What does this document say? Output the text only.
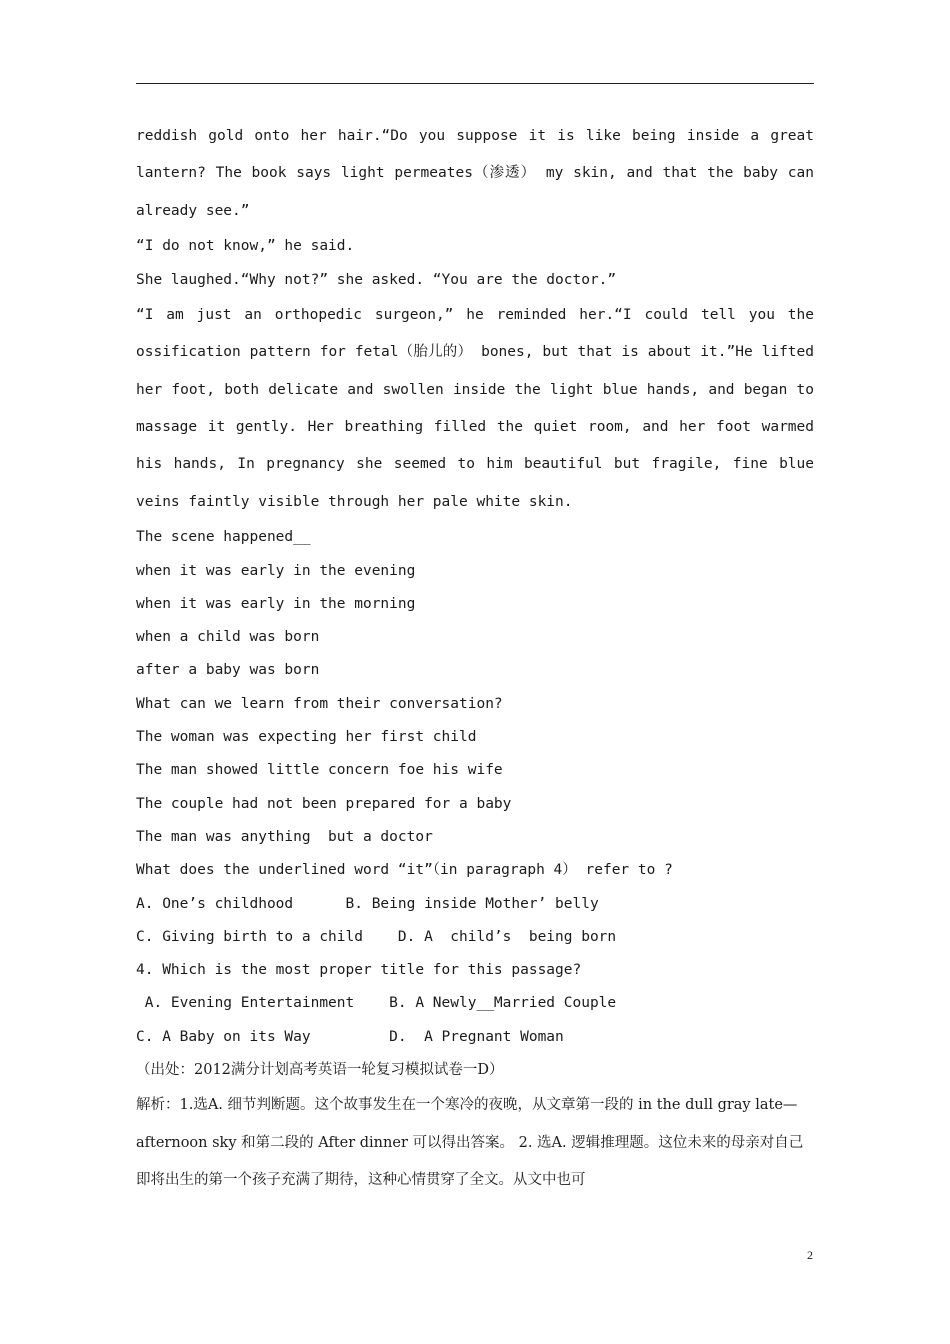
reddish gold onto her hair.“Do you suppose it is like being inside a great lantern? The book says light permeates（渗透） my skin, and that the baby can already see.”

“I do not know,” he said.

She laughed.“Why not?” she asked. “You are the doctor.”

“I am just an orthopedic surgeon,” he reminded her.“I could tell you the ossification pattern for fetal（胎儿的） bones, but that is about it.”He lifted her foot, both delicate and swollen inside the light blue hands, and began to massage it gently. Her breathing filled the quiet room, and her foot warmed his hands, In pregnancy she seemed to him beautiful but fragile, fine blue veins faintly visible through her pale white skin.

The scene happened__

when it was early in the evening

when it was early in the morning

when a child was born

after a baby was born

What can we learn from their conversation?

The woman was expecting her first child

The man showed little concern foe his wife

The couple had not been prepared for a baby

The man was anything  but a doctor

What does the underlined word “it”（in paragraph 4） refer to ?

A. One’s childhood      B. Being inside Mother’ belly

C. Giving birth to a child    D. A  child’s  being born

4. Which is the most proper title for this passage?

A. Evening Entertainment    B. A Newly__Married Couple

C. A Baby on its Way         D.  A Pregnant Woman

（出处：2012满分计划高考英语一轮复习模拟试卷一D）

解析：1.选A. 细节判断题。这个故事发生在一个寒冷的夜晚，从文章第一段的 in the dull gray late— afternoon sky 和第二段的 After dinner 可以得出答案。 2. 选A. 逻辑推理题。这位未来的母亲对自己即将出生的第一个孩子充满了期待，这种心情贯穿了全文。从文中也可

2
